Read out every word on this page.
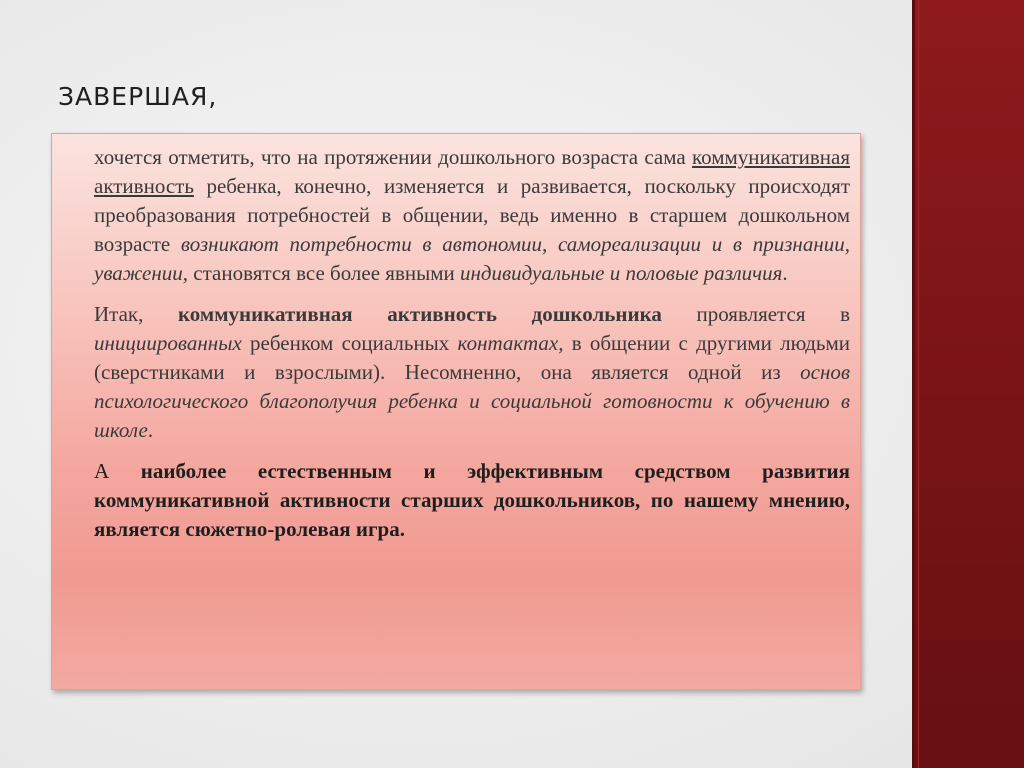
ЗАВЕРШАЯ,

хочется отметить, что на протяжении дошкольного возраста сама коммуникативная активность ребенка, конечно, изменяется и развивается, поскольку происходят преобразования потребностей в общении, ведь именно в старшем дошкольном возрасте возникают потребности в автономии, самореализации и в признании, уважении, становятся все более явными индивидуальные и половые различия.

Итак, коммуникативная активность дошкольника проявляется в инициированных ребенком социальных контактах, в общении с другими людьми (сверстниками и взрослыми). Несомненно, она является одной из основ психологического благополучия ребенка и социальной готовности к обучению в школе.

А наиболее естественным и эффективным средством развития коммуникативной активности старших дошкольников, по нашему мнению, является сюжетно-ролевая игра.
